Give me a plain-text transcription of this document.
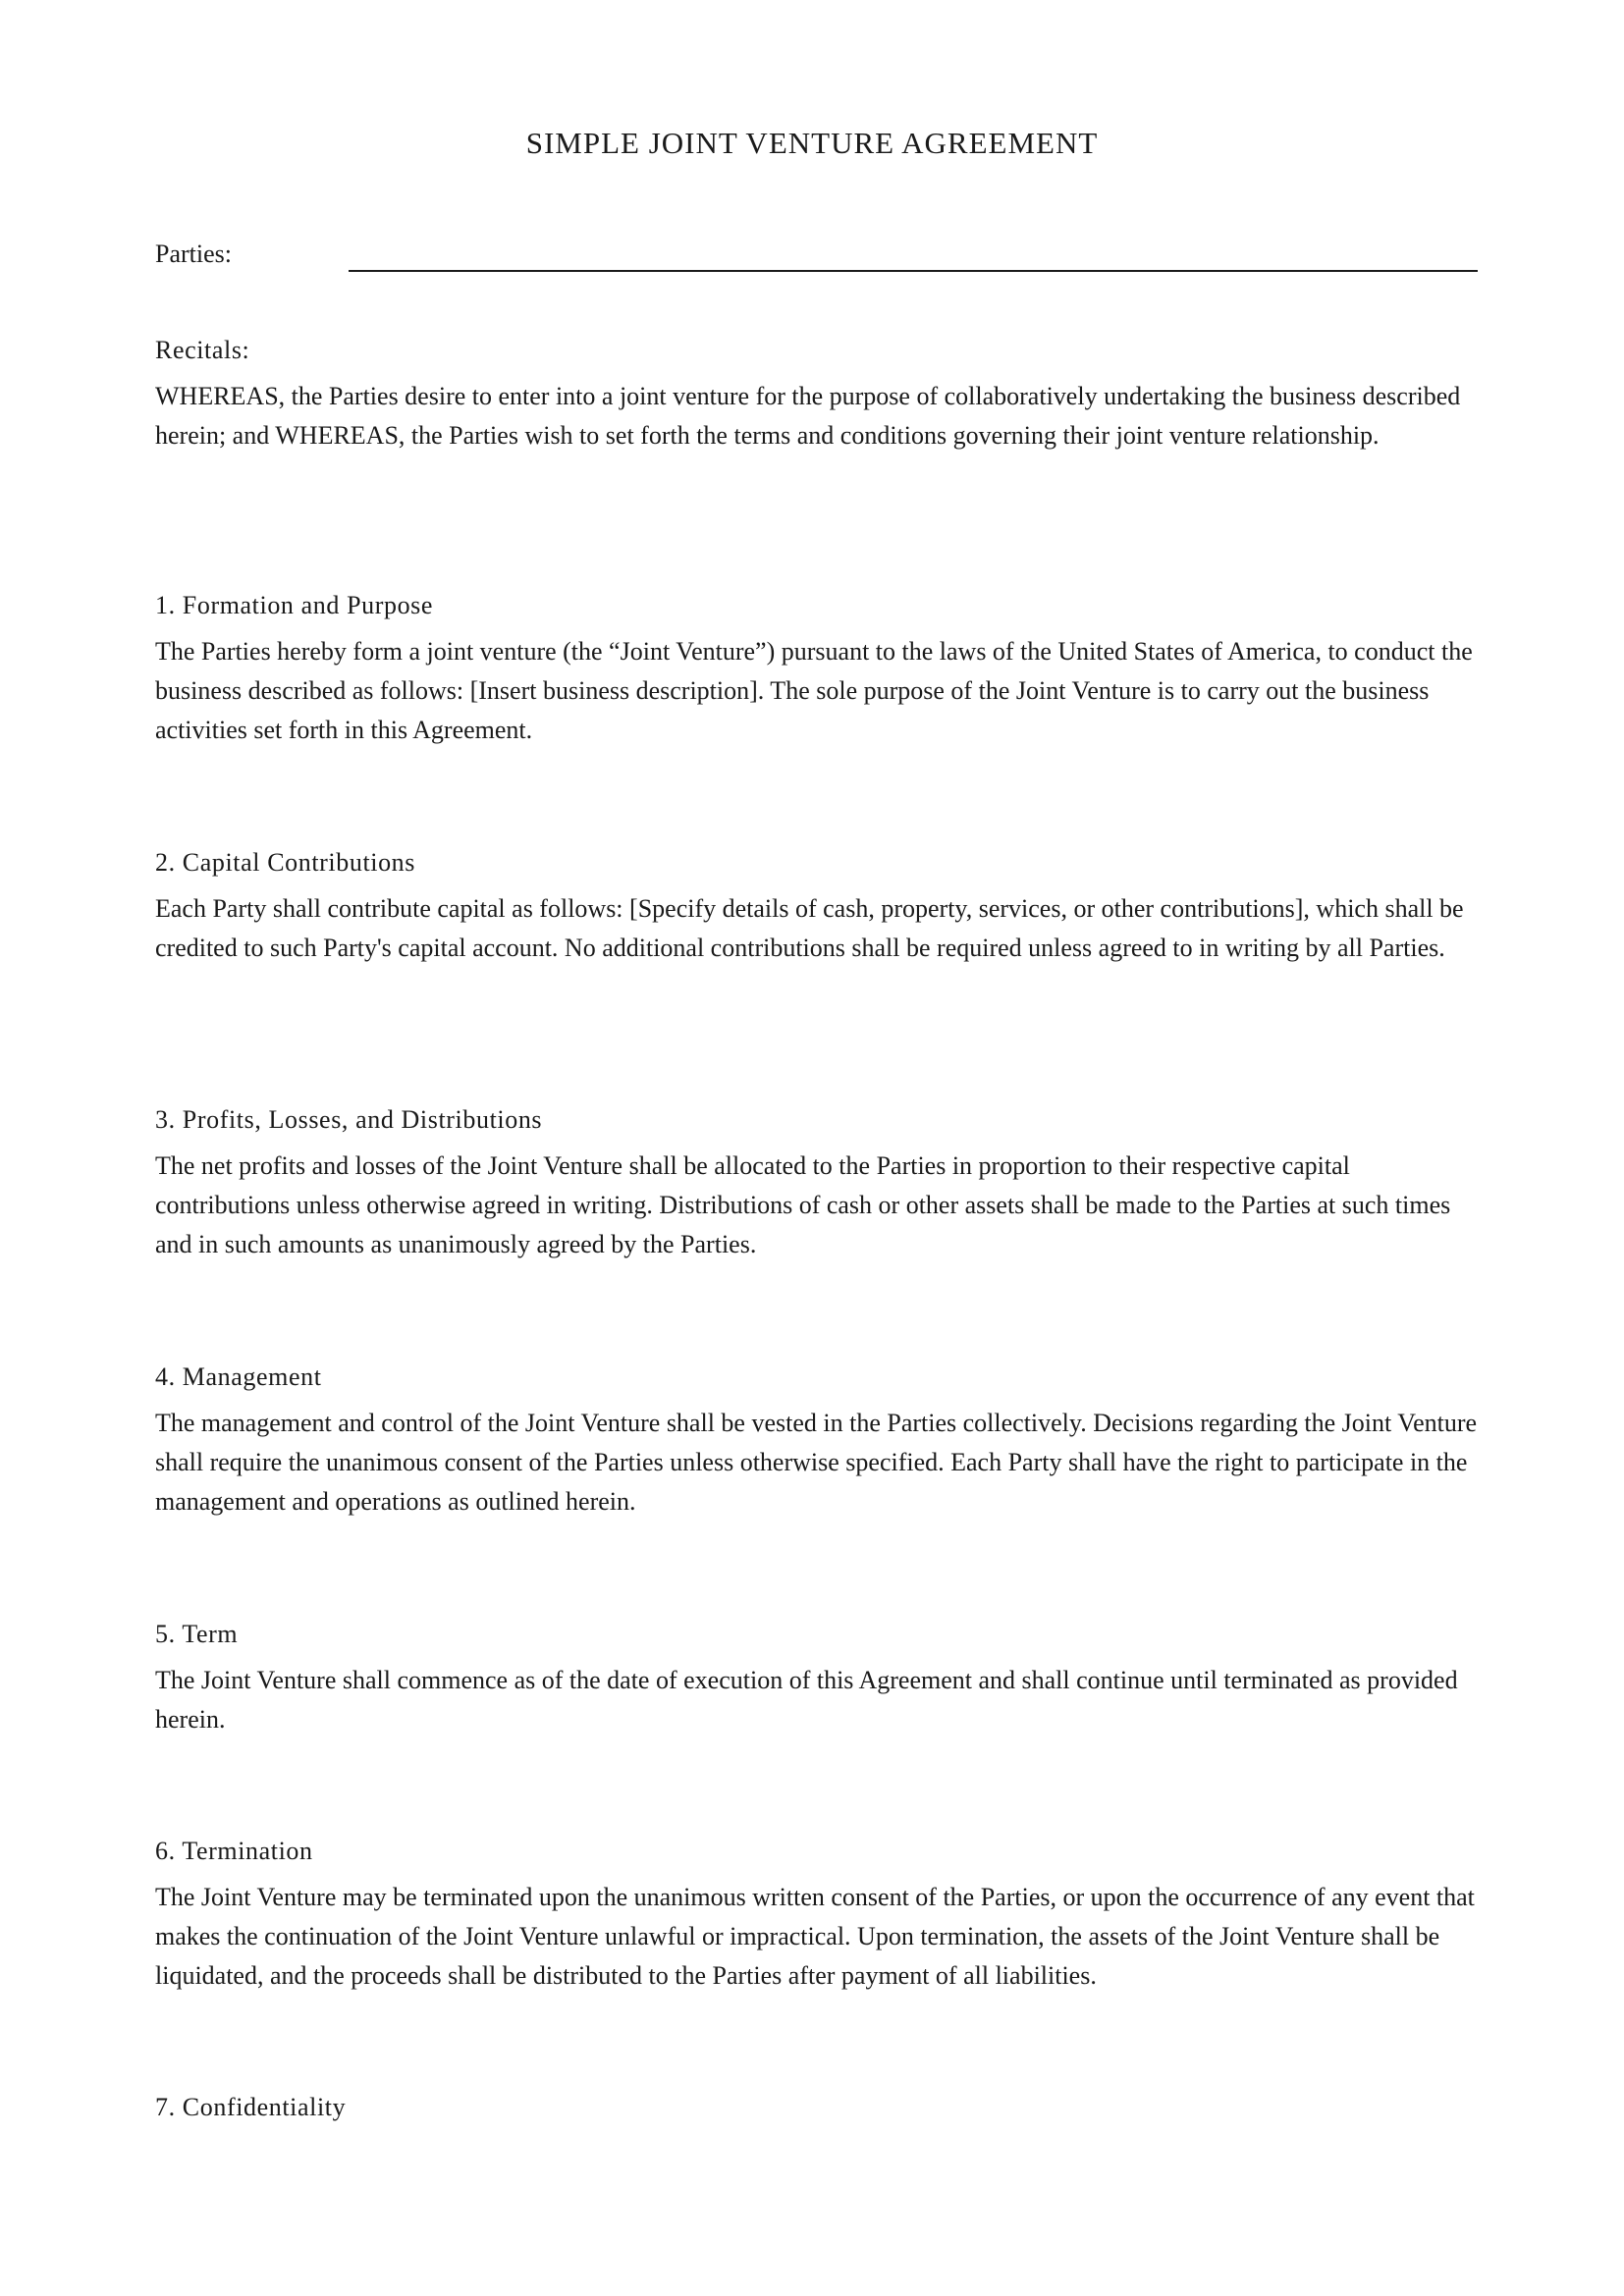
SIMPLE JOINT VENTURE AGREEMENT
Parties:

Recitals:

WHEREAS, the Parties desire to enter into a joint venture for the purpose of collaboratively undertaking the business described herein; and WHEREAS, the Parties wish to set forth the terms and conditions governing their joint venture relationship.

1. Formation and Purpose

The Parties hereby form a joint venture (the “Joint Venture”) pursuant to the laws of the United States of America, to conduct the business described as follows: [Insert business description]. The sole purpose of the Joint Venture is to carry out the business activities set forth in this Agreement.

2. Capital Contributions

Each Party shall contribute capital as follows: [Specify details of cash, property, services, or other contributions], which shall be credited to such Party's capital account. No additional contributions shall be required unless agreed to in writing by all Parties.

3. Profits, Losses, and Distributions

The net profits and losses of the Joint Venture shall be allocated to the Parties in proportion to their respective capital contributions unless otherwise agreed in writing. Distributions of cash or other assets shall be made to the Parties at such times and in such amounts as unanimously agreed by the Parties.

4. Management

The management and control of the Joint Venture shall be vested in the Parties collectively. Decisions regarding the Joint Venture shall require the unanimous consent of the Parties unless otherwise specified. Each Party shall have the right to participate in the management and operations as outlined herein.

5. Term

The Joint Venture shall commence as of the date of execution of this Agreement and shall continue until terminated as provided herein.

6. Termination

The Joint Venture may be terminated upon the unanimous written consent of the Parties, or upon the occurrence of any event that makes the continuation of the Joint Venture unlawful or impractical. Upon termination, the assets of the Joint Venture shall be liquidated, and the proceeds shall be distributed to the Parties after payment of all liabilities.

7. Confidentiality
